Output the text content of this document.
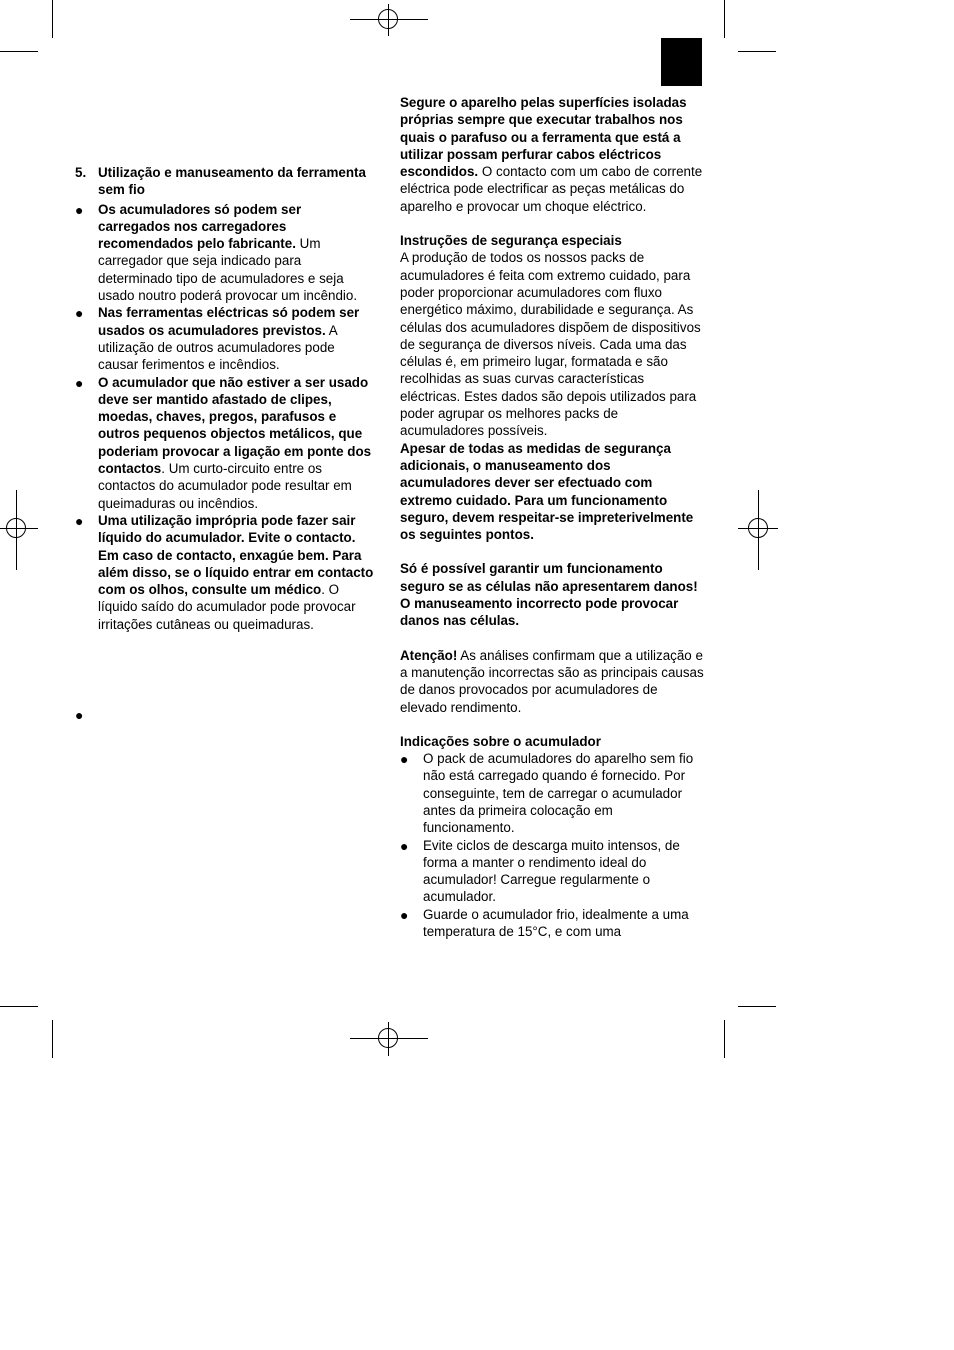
5. Utilização e manuseamento da ferramenta sem fio
● Os acumuladores só podem ser carregados nos carregadores recomendados pelo fabricante. Um carregador que seja indicado para determinado tipo de acumuladores e seja usado noutro poderá provocar um incêndio.
● Nas ferramentas eléctricas só podem ser usados os acumuladores previstos. A utilização de outros acumuladores pode causar ferimentos e incêndios.
● O acumulador que não estiver a ser usado deve ser mantido afastado de clipes, moedas, chaves, pregos, parafusos e outros pequenos objectos metálicos, que poderiam provocar a ligação em ponte dos contactos. Um curto-circuito entre os contactos do acumulador pode resultar em queimaduras ou incêndios.
● Uma utilização imprópria pode fazer sair líquido do acumulador. Evite o contacto. Em caso de contacto, enxagúe bem. Para além disso, se o líquido entrar em contacto com os olhos, consulte um médico. O líquido saído do acumulador pode provocar irritações cutâneas ou queimaduras.
●

Segure o aparelho pelas superfícies isoladas próprias sempre que executar trabalhos nos quais o parafuso ou a ferramenta que está a utilizar possam perfurar cabos eléctricos escondidos. O contacto com um cabo de corrente eléctrica pode electrificar as peças metálicas do aparelho e provocar um choque eléctrico.

Instruções de segurança especiais

A produção de todos os nossos packs de acumuladores é feita com extremo cuidado, para poder proporcionar acumuladores com fluxo energético máximo, durabilidade e segurança. As células dos acumuladores dispõem de dispositivos de segurança de diversos níveis. Cada uma das células é, em primeiro lugar, formatada e são recolhidas as suas curvas características eléctricas. Estes dados são depois utilizados para poder agrupar os melhores packs de acumuladores possíveis.

Apesar de todas as medidas de segurança adicionais, o manuseamento dos acumuladores dever ser efectuado com extremo cuidado. Para um funcionamento seguro, devem respeitar-se impreterivelmente os seguintes pontos.

Só é possível garantir um funcionamento seguro se as células não apresentarem danos! O manuseamento incorrecto pode provocar danos nas células.

Atenção! As análises confirmam que a utilização e a manutenção incorrectas são as principais causas de danos provocados por acumuladores de elevado rendimento.

Indicações sobre o acumulador

● O pack de acumuladores do aparelho sem fio não está carregado quando é fornecido. Por conseguinte, tem de carregar o acumulador antes da primeira colocação em funcionamento.
● Evite ciclos de descarga muito intensos, de forma a manter o rendimento ideal do acumulador! Carregue regularmente o acumulador.
● Guarde o acumulador frio, idealmente a uma temperatura de 15°C, e com uma
